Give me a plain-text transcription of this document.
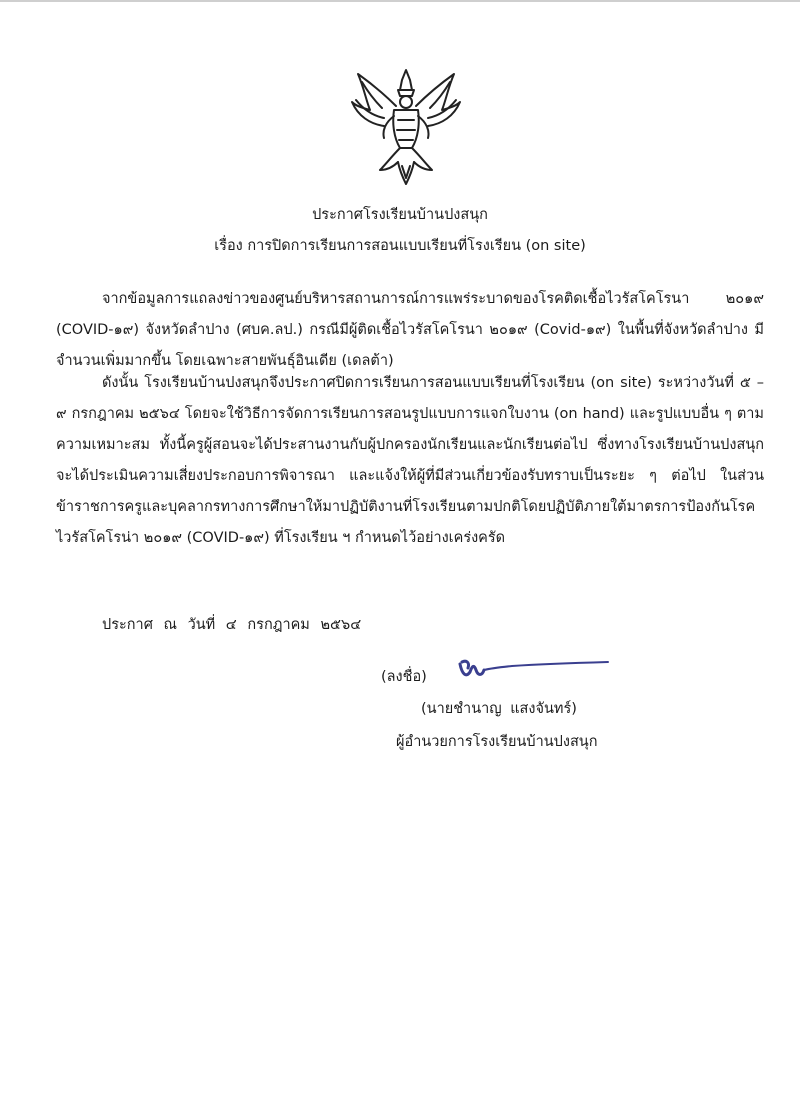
ประกาศโรงเรียนบ้านปงสนุก
เรื่อง การปิดการเรียนการสอนแบบเรียนที่โรงเรียน (on site)

จากข้อมูลการแถลงข่าวของศูนย์บริหารสถานการณ์การแพร่ระบาดของโรคติดเชื้อไวรัสโคโรนา ๒๐๑๙ (COVID-๑๙) จังหวัดลำปาง (ศบค.ลป.) กรณีมีผู้ติดเชื้อไวรัสโคโรนา ๒๐๑๙ (Covid-๑๙) ในพื้นที่จังหวัดลำปาง มีจำนวนเพิ่มมากขึ้น โดยเฉพาะสายพันธุ์อินเดีย (เดลต้า)

ดังนั้น โรงเรียนบ้านปงสนุกจึงประกาศปิดการเรียนการสอนแบบเรียนที่โรงเรียน (on site) ระหว่างวันที่ ๕ – ๙ กรกฎาคม ๒๕๖๔ โดยจะใช้วิธีการจัดการเรียนการสอนรูปแบบการแจกใบงาน (on hand) และรูปแบบอื่น ๆ ตามความเหมาะสม ทั้งนี้ครูผู้สอนจะได้ประสานงานกับผู้ปกครองนักเรียนและนักเรียนต่อไป ซึ่งทางโรงเรียนบ้านปงสนุกจะได้ประเมินความเสี่ยงประกอบการพิจารณา และแจ้งให้ผู้ที่มีส่วนเกี่ยวข้องรับทราบเป็นระยะ ๆ ต่อไป ในส่วนข้าราชการครูและบุคลากรทางการศึกษาให้มาปฏิบัติงานที่โรงเรียนตามปกติโดยปฏิบัติภายใต้มาตรการป้องกันโรคไวรัสโคโรน่า ๒๐๑๙ (COVID-๑๙) ที่โรงเรียน ฯ กำหนดไว้อย่างเคร่งครัด

ประกาศ ณ วันที่ ๔ กรกฎาคม ๒๕๖๔
(ลงชื่อ)
(นายชำนาญ แสงจันทร์)
ผู้อำนวยการโรงเรียนบ้านปงสนุก
